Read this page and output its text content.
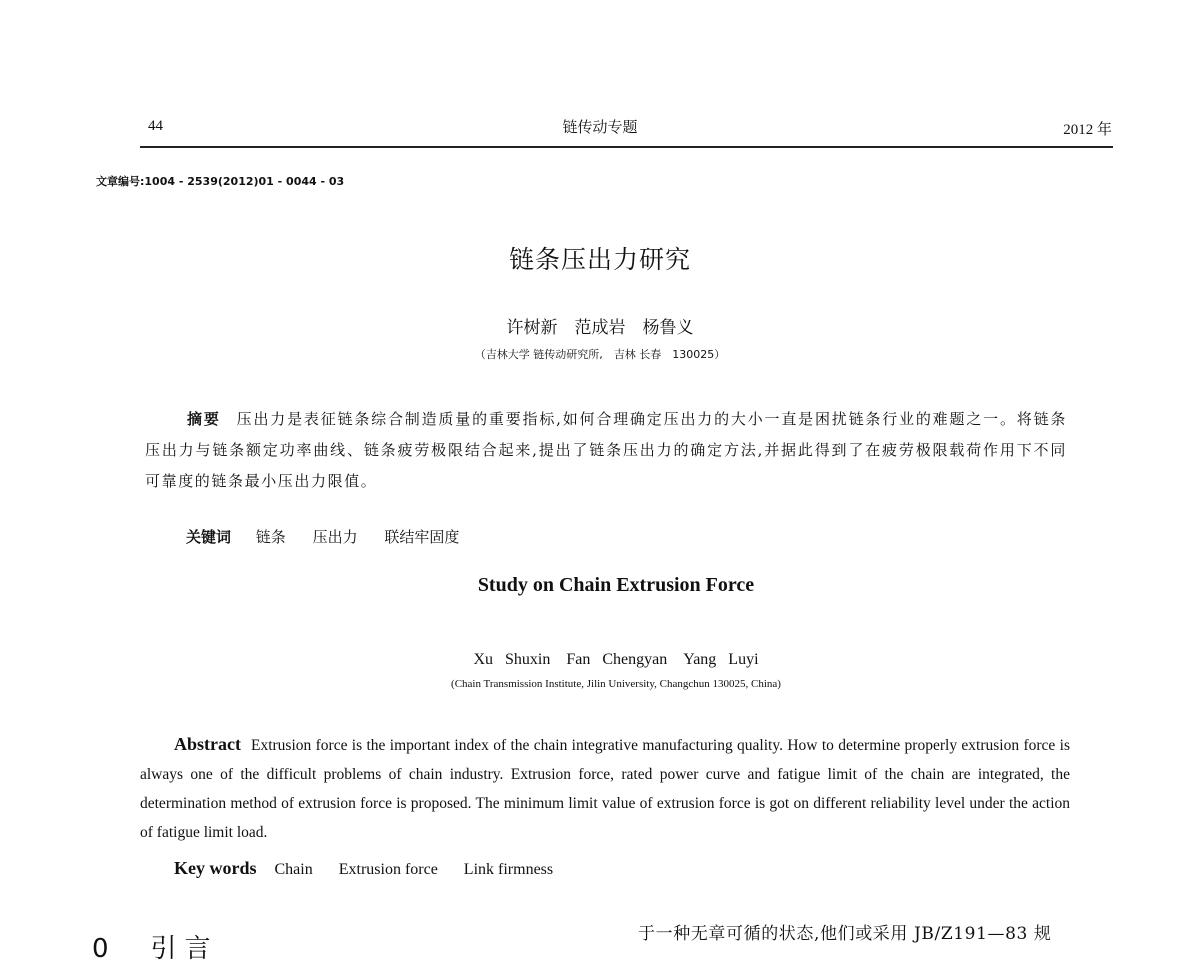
44	链传动专题	2012 年
文章编号:1004 - 2539(2012)01 - 0044 - 03
链条压出力研究
许树新　范成岩　杨鲁义
（吉林大学 链传动研究所,　吉林 长春　130025）
摘要 压出力是表征链条综合制造质量的重要指标,如何合理确定压出力的大小一直是困扰链条行业的难题之一。将链条压出力与链条额定功率曲线、链条疲劳极限结合起来,提出了链条压出力的确定方法,并据此得到了在疲劳极限载荷作用下不同可靠度的链条最小压出力限值。
关键词 链条 压出力 联结牢固度
Study on Chain Extrusion Force
Xu Shuxin　Fan Chengyan　Yang Luyi
(Chain Transmission Institute, Jilin University, Changchun 130025, China)
Abstract Extrusion force is the important index of the chain integrative manufacturing quality. How to determine properly extrusion force is always one of the difficult problems of chain industry. Extrusion force, rated power curve and fatigue limit of the chain are integrated, the determination method of extrusion force is proposed. The minimum limit value of extrusion force is got on different reliability level under the action of fatigue limit load.
Key words Chain Extrusion force Link firmness
0　引言	于一种无章可循的状态,他们或采用 JB/Z191—83 规
